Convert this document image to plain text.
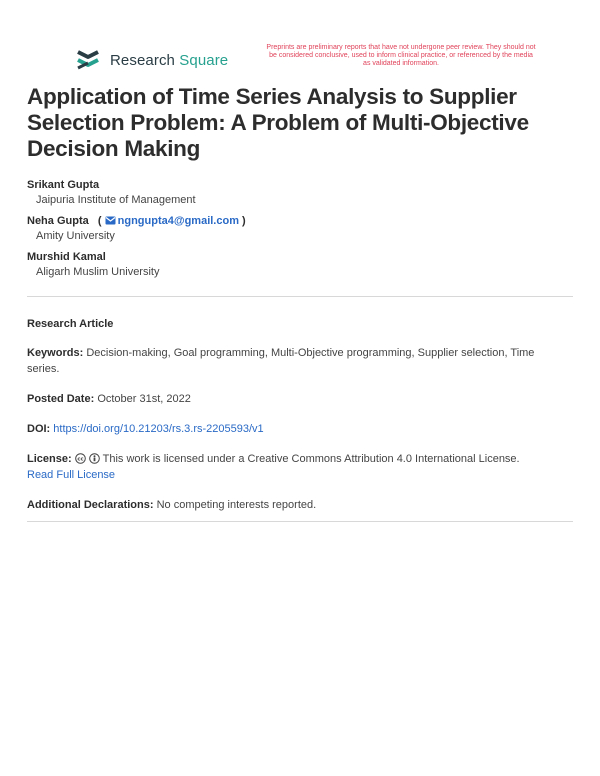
Research Square
Preprints are preliminary reports that have not undergone peer review. They should not be considered conclusive, used to inform clinical practice, or referenced by the media as validated information.
Application of Time Series Analysis to Supplier Selection Problem: A Problem of Multi-Objective Decision Making
Srikant Gupta
Jaipuria Institute of Management
Neha Gupta   ( ngngupta4@gmail.com )
Amity University
Murshid Kamal
Aligarh Muslim University
Research Article
Keywords: Decision-making, Goal programming, Multi-Objective programming, Supplier selection, Time series.
Posted Date: October 31st, 2022
DOI: https://doi.org/10.21203/rs.3.rs-2205593/v1
License: cc This work is licensed under a Creative Commons Attribution 4.0 International License.
Read Full License
Additional Declarations: No competing interests reported.
